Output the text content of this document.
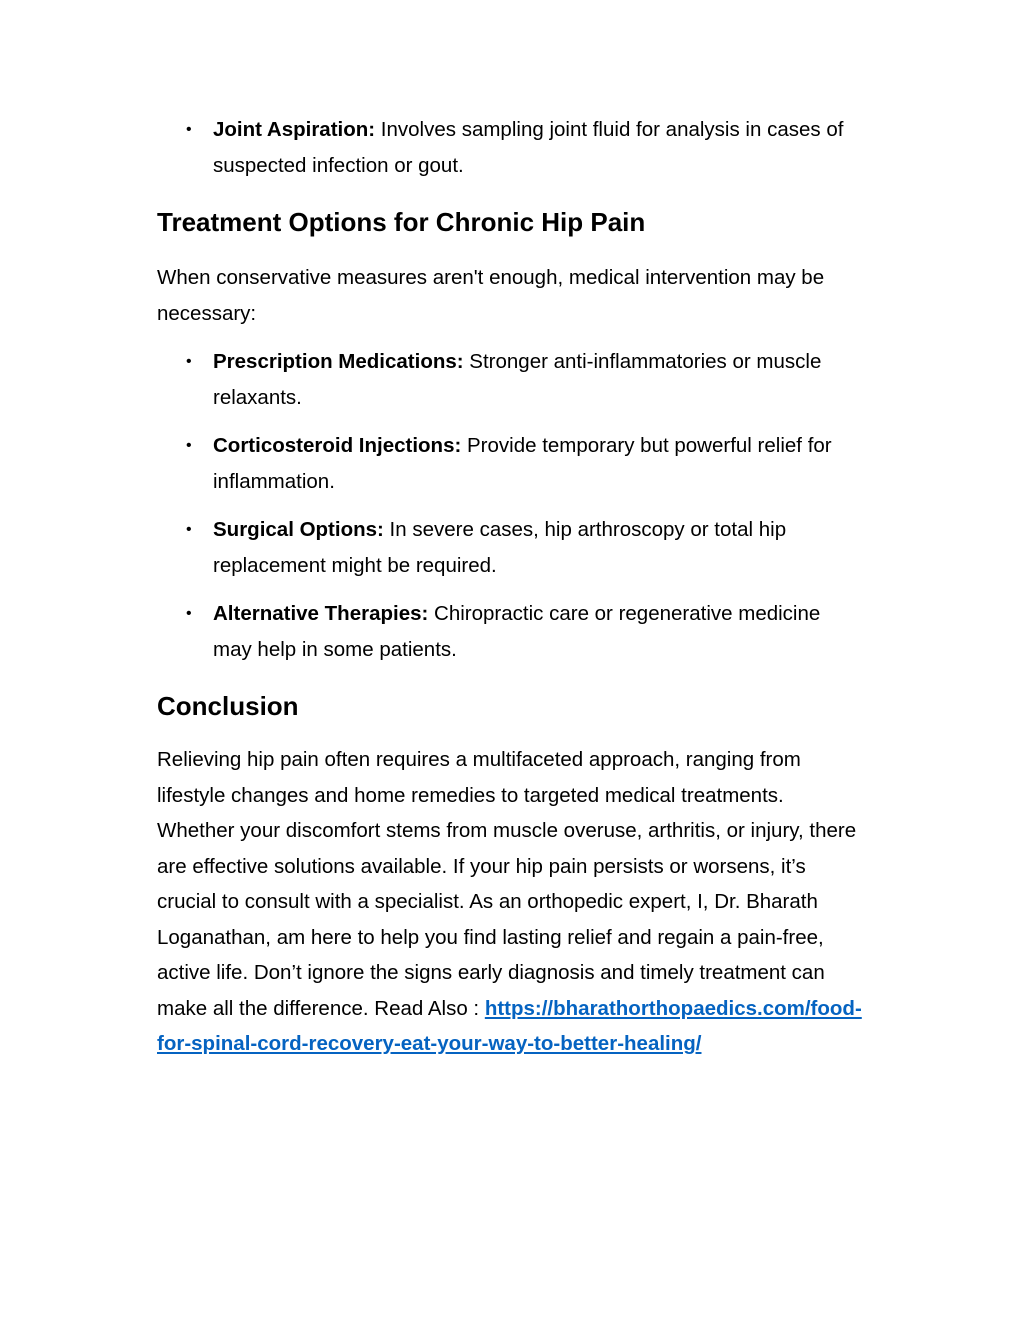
• Joint Aspiration: Involves sampling joint fluid for analysis in cases of suspected infection or gout.
Treatment Options for Chronic Hip Pain

When conservative measures aren't enough, medical intervention may be necessary:

• Prescription Medications: Stronger anti-inflammatories or muscle relaxants.
• Corticosteroid Injections: Provide temporary but powerful relief for inflammation.
• Surgical Options: In severe cases, hip arthroscopy or total hip replacement might be required.
• Alternative Therapies: Chiropractic care or regenerative medicine may help in some patients.
Conclusion

Relieving hip pain often requires a multifaceted approach, ranging from lifestyle changes and home remedies to targeted medical treatments. Whether your discomfort stems from muscle overuse, arthritis, or injury, there are effective solutions available. If your hip pain persists or worsens, it’s crucial to consult with a specialist. As an orthopedic expert, I, Dr. Bharath Loganathan, am here to help you find lasting relief and regain a pain-free, active life. Don’t ignore the signs early diagnosis and timely treatment can make all the difference. Read Also : https://bharathorthopaedics.com/food-for-spinal-cord-recovery-eat-your-way-to-better-healing/
